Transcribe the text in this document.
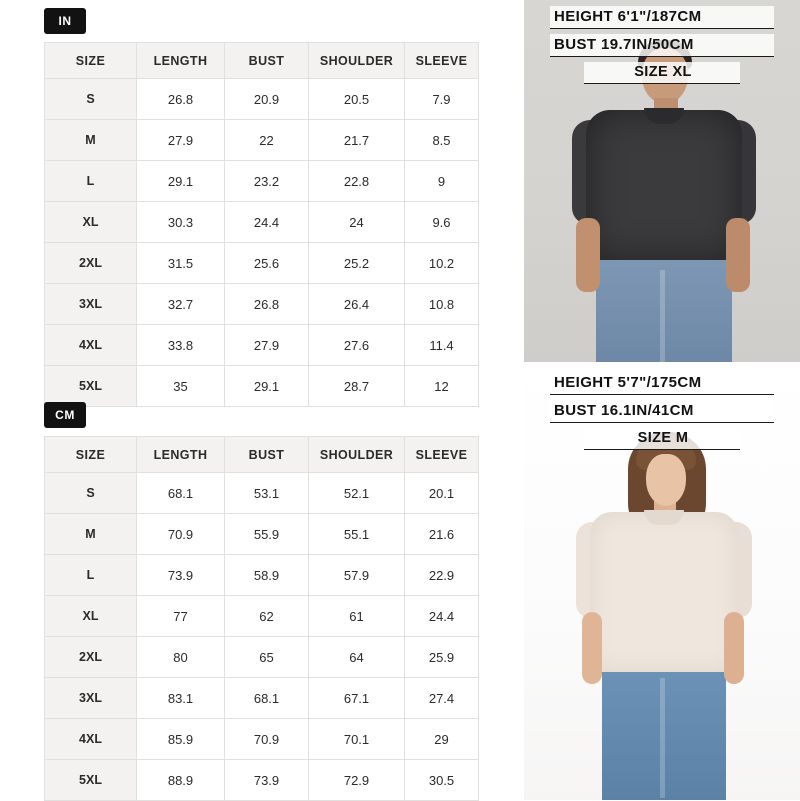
IN
SIZE	LENGTH	BUST	SHOULDER	SLEEVE
S	26.8	20.9	20.5	7.9
M	27.9	22	21.7	8.5
L	29.1	23.2	22.8	9
XL	30.3	24.4	24	9.6
2XL	31.5	25.6	25.2	10.2
3XL	32.7	26.8	26.4	10.8
4XL	33.8	27.9	27.6	11.4
5XL	35	29.1	28.7	12
CM
SIZE	LENGTH	BUST	SHOULDER	SLEEVE
S	68.1	53.1	52.1	20.1
M	70.9	55.9	55.1	21.6
L	73.9	58.9	57.9	22.9
XL	77	62	61	24.4
2XL	80	65	64	25.9
3XL	83.1	68.1	67.1	27.4
4XL	85.9	70.9	70.1	29
5XL	88.9	73.9	72.9	30.5
HEIGHT 6'1"/187CM
BUST 19.7IN/50CM
SIZE XL
HEIGHT 5'7"/175CM
BUST 16.1IN/41CM
SIZE M
